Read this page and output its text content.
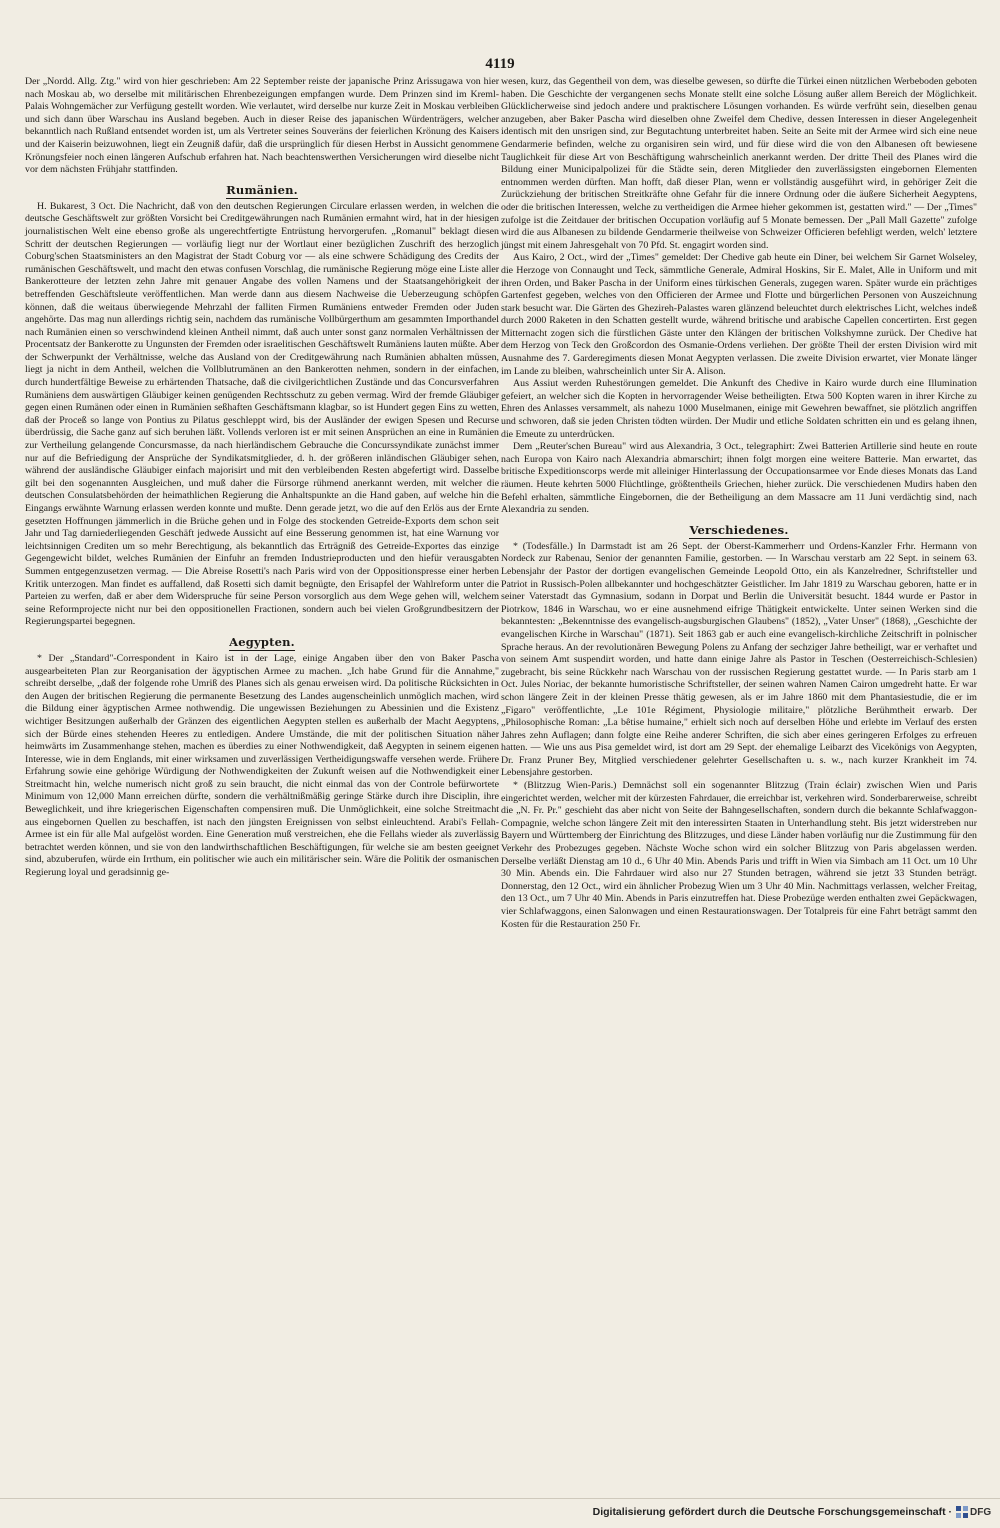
4119

Der „Nordd. Allg. Ztg." wird von hier geschrieben: Am 22 September reiste der japanische Prinz Arissugawa von hier nach Moskau ab, wo derselbe mit militärischen Ehrenbezeigungen empfangen wurde. Dem Prinzen sind im Kreml-Palais Wohngemächer zur Verfügung gestellt worden. Wie verlautet, wird derselbe nur kurze Zeit in Moskau verbleiben und sich dann über Warschau ins Ausland begeben. Auch in dieser Reise des japanischen Würdenträgers, welcher bekanntlich nach Rußland entsendet worden ist, um als Vertreter seines Souveräns der feierlichen Krönung des Kaisers und der Kaiserin beizuwohnen, liegt ein Zeugniß dafür, daß die ursprünglich für diesen Herbst in Aussicht genommene Krönungsfeier noch einen längeren Aufschub erfahren hat. Nach beachtenswerthen Versicherungen wird dieselbe nicht vor dem nächsten Frühjahr stattfinden.

Rumänien.

H. Bukarest, 3 Oct. Die Nachricht, daß von den deutschen Regierungen Circulare erlassen werden, in welchen die deutsche Geschäftswelt zur größten Vorsicht bei Creditgewährungen nach Rumänien ermahnt wird, hat in der hiesigen journalistischen Welt eine ebenso große als ungerechtfertigte Entrüstung hervorgerufen. „Romanul" beklagt diesen Schritt der deutschen Regierungen — vorläufig liegt nur der Wortlaut einer bezüglichen Zuschrift des herzoglich Coburg'schen Staatsministers an den Magistrat der Stadt Coburg vor — als eine schwere Schädigung des Credits der rumänischen Geschäftswelt, und macht den etwas confusen Vorschlag, die rumänische Regierung möge eine Liste aller Bankerotteure der letzten zehn Jahre mit genauer Angabe des vollen Namens und der Staatsangehörigkeit der betreffenden Geschäftsleute veröffentlichen. Man werde dann aus diesem Nachweise die Ueberzeugung schöpfen können, daß die weitaus überwiegende Mehrzahl der falliten Firmen Rumäniens entweder Fremden oder Juden angehörte. Das mag nun allerdings richtig sein, nachdem das rumänische Vollbürgerthum am gesammten Importhandel nach Rumänien einen so verschwindend kleinen Antheil nimmt, daß auch unter sonst ganz normalen Verhältnissen der Procentsatz der Bankerotte zu Ungunsten der Fremden oder israelitischen Geschäftswelt Rumäniens lauten müßte. Aber der Schwerpunkt der Verhältnisse, welche das Ausland von der Creditgewährung nach Rumänien abhalten müssen, liegt ja nicht in dem Antheil, welchen die Vollblutrumänen an den Bankerotten nehmen, sondern in der einfachen, durch hundertfältige Beweise zu erhärtenden Thatsache, daß die civilgerichtlichen Zustände und das Concursverfahren Rumäniens dem auswärtigen Gläubiger keinen genügenden Rechtsschutz zu geben vermag. Wird der fremde Gläubiger gegen einen Rumänen oder einen in Rumänien seßhaften Geschäftsmann klagbar, so ist Hundert gegen Eins zu wetten, daß der Proceß so lange von Pontius zu Pilatus geschleppt wird, bis der Ausländer der ewigen Spesen und Recurse überdrüssig, die Sache ganz auf sich beruhen läßt. Vollends verloren ist er mit seinen Ansprüchen an eine in Rumänien zur Vertheilung gelangende Concursmasse, da nach hierländischem Gebrauche die Concurssyndikate zunächst immer nur auf die Befriedigung der Ansprüche der Syndikatsmitglieder, d. h. der größeren inländischen Gläubiger sehen, während der ausländische Gläubiger einfach majorisirt und mit den verbleibenden Resten abgefertigt wird. Dasselbe gilt bei den sogenannten Ausgleichen, und muß daher die Fürsorge rühmend anerkannt werden, mit welcher die deutschen Consulatsbehörden der heimathlichen Regierung die Anhaltspunkte an die Hand gaben, auf welche hin die Eingangs erwähnte Warnung erlassen werden konnte und mußte. Denn gerade jetzt, wo die auf den Erlös aus der Ernte gesetzten Hoffnungen jämmerlich in die Brüche gehen und in Folge des stockenden Getreide-Exports dem schon seit Jahr und Tag darniederliegenden Geschäft jedwede Aussicht auf eine Besserung genommen ist, hat eine Warnung vor leichtsinnigen Crediten um so mehr Berechtigung, als bekanntlich das Erträgniß des Getreide-Exportes das einzige Gegengewicht bildet, welches Rumänien der Einfuhr an fremden Industrieproducten und den hiefür verausgabten Summen entgegenzusetzen vermag. — Die Abreise Rosetti's nach Paris wird von der Oppositionspresse einer herben Kritik unterzogen. Man findet es auffallend, daß Rosetti sich damit begnügte, den Erisapfel der Wahlreform unter die Parteien zu werfen, daß er aber dem Widerspruche für seine Person vorsorglich aus dem Wege gehen will, welchem seine Reformprojecte nicht nur bei den oppositionellen Fractionen, sondern auch bei vielen Großgrundbesitzern der Regierungspartei begegnen.

Aegypten.

* Der „Standard"-Correspondent in Kairo ist in der Lage, einige Angaben über den von Baker Pascha ausgearbeiteten Plan zur Reorganisation der ägyptischen Armee zu machen. „Ich habe Grund für die Annahme," schreibt derselbe, „daß der folgende rohe Umriß des Planes sich als genau erweisen wird. Da politische Rücksichten in den Augen der britischen Regierung die permanente Besetzung des Landes augenscheinlich unmöglich machen, wird die Bildung einer ägyptischen Armee nothwendig. Die ungewissen Beziehungen zu Abessinien und die Existenz wichtiger Besitzungen außerhalb der Gränzen des eigentlichen Aegypten stellen es außerhalb der Macht Aegyptens, sich der Bürde eines stehenden Heeres zu entledigen. Andere Umstände, die mit der politischen Situation näher heimwärts im Zusammenhange stehen, machen es überdies zu einer Nothwendigkeit, daß Aegypten in seinem eigenen Interesse, wie in dem Englands, mit einer wirksamen und zuverlässigen Vertheidigungswaffe versehen werde. Frühere Erfahrung sowie eine gehörige Würdigung der Nothwendigkeiten der Zukunft weisen auf die Nothwendigkeit einer Streitmacht hin, welche numerisch nicht groß zu sein braucht, die nicht einmal das von der Controle befürwortete Minimum von 12,000 Mann erreichen dürfte, sondern die verhältnißmäßig geringe Stärke durch ihre Disciplin, ihre Beweglichkeit, und ihre kriegerischen Eigenschaften compensiren muß. Die Unmöglichkeit, eine solche Streitmacht aus eingebornen Quellen zu beschaffen, ist nach den jüngsten Ereignissen von selbst einleuchtend. Arabi's Fellah-Armee ist ein für alle Mal aufgelöst worden. Eine Generation muß verstreichen, ehe die Fellahs wieder als zuverlässig betrachtet werden können, und sie von den landwirthschaftlichen Beschäftigungen, für welche sie am besten geeignet sind, abzuberufen, würde ein Irrthum, ein politischer wie auch ein militärischer sein. Wäre die Politik der osmanischen Regierung loyal und geradsinnig ge-

wesen, kurz, das Gegentheil von dem, was dieselbe gewesen, so dürfte die Türkei einen nützlichen Werbeboden geboten haben. Die Geschichte der vergangenen sechs Monate stellt eine solche Lösung außer allem Bereich der Möglichkeit. Glücklicherweise sind jedoch andere und praktischere Lösungen vorhanden. Es würde verfrüht sein, dieselben genau anzugeben, aber Baker Pascha wird dieselben ohne Zweifel dem Chedive, dessen Interessen in dieser Angelegenheit identisch mit den unsrigen sind, zur Begutachtung unterbreitet haben. Seite an Seite mit der Armee wird sich eine neue Gendarmerie befinden, welche zu organisiren sein wird, und für diese wird die von den Albanesen oft bewiesene Tauglichkeit für diese Art von Beschäftigung wahrscheinlich anerkannt werden. Der dritte Theil des Planes wird die Bildung einer Municipalpolizei für die Städte sein, deren Mitglieder den zuverlässigsten eingebornen Elementen entnommen werden dürften. Man hofft, daß dieser Plan, wenn er vollständig ausgeführt wird, in gehöriger Zeit die Zurückziehung der britischen Streitkräfte ohne Gefahr für die innere Ordnung oder die äußere Sicherheit Aegyptens, oder die britischen Interessen, welche zu vertheidigen die Armee hieher gekommen ist, gestatten wird." — Der „Times" zufolge ist die Zeitdauer der britischen Occupation vorläufig auf 5 Monate bemessen. Der „Pall Mall Gazette" zufolge wird die aus Albanesen zu bildende Gendarmerie theilweise von Schweizer Officieren befehligt werden, welch' letztere jüngst mit einem Jahresgehalt von 70 Pfd. St. engagirt worden sind.

Aus Kairo, 2 Oct., wird der „Times" gemeldet: Der Chedive gab heute ein Diner, bei welchem Sir Garnet Wolseley, die Herzoge von Connaught und Teck, sämmtliche Generale, Admiral Hoskins, Sir E. Malet, Alle in Uniform und mit ihren Orden, und Baker Pascha in der Uniform eines türkischen Generals, zugegen waren. Später wurde ein prächtiges Gartenfest gegeben, welches von den Officieren der Armee und Flotte und bürgerlichen Personen von Auszeichnung stark besucht war. Die Gärten des Ghezireh-Palastes waren glänzend beleuchtet durch elektrisches Licht, welches indeß durch 2000 Raketen in den Schatten gestellt wurde, während britische und arabische Capellen concertirten. Erst gegen Mitternacht zogen sich die fürstlichen Gäste unter den Klängen der britischen Volkshymne zurück. Der Chedive hat dem Herzog von Teck den Großcordon des Osmanie-Ordens verliehen. Der größte Theil der ersten Division wird mit Ausnahme des 7. Garderegiments diesen Monat Aegypten verlassen. Die zweite Division erwartet, vier Monate länger im Lande zu bleiben, wahrscheinlich unter Sir A. Alison.

Aus Assiut werden Ruhestörungen gemeldet. Die Ankunft des Chedive in Kairo wurde durch eine Illumination gefeiert, an welcher sich die Kopten in hervorragender Weise betheiligten. Etwa 500 Kopten waren in ihrer Kirche zu Ehren des Anlasses versammelt, als nahezu 1000 Muselmanen, einige mit Gewehren bewaffnet, sie plötzlich angriffen und schworen, daß sie jeden Christen tödten würden. Der Mudir und etliche Soldaten schritten ein und es gelang ihnen, die Emeute zu unterdrücken.

Dem „Reuter'schen Bureau" wird aus Alexandria, 3 Oct., telegraphirt: Zwei Batterien Artillerie sind heute en route nach Europa von Kairo nach Alexandria abmarschirt; ihnen folgt morgen eine weitere Batterie. Man erwartet, das britische Expeditionscorps werde mit alleiniger Hinterlassung der Occupationsarmee vor Ende dieses Monats das Land räumen. Heute kehrten 5000 Flüchtlinge, größtentheils Griechen, hieher zurück. Die verschiedenen Mudirs haben den Befehl erhalten, sämmtliche Eingebornen, die der Betheiligung an dem Massacre am 11 Juni verdächtig sind, nach Alexandria zu senden.

Verschiedenes.

* (Todesfälle.) In Darmstadt ist am 26 Sept. der Oberst-Kammerherr und Ordens-Kanzler Frhr. Hermann von Nordeck zur Rabenau, Senior der genannten Familie, gestorben. — In Warschau verstarb am 22 Sept. in seinem 63. Lebensjahr der Pastor der dortigen evangelischen Gemeinde Leopold Otto, ein als Kanzelredner, Schriftsteller und Patriot in Russisch-Polen allbekannter und hochgeschätzter Geistlicher. Im Jahr 1819 zu Warschau geboren, hatte er in seiner Vaterstadt das Gymnasium, sodann in Dorpat und Berlin die Universität besucht. 1844 wurde er Pastor in Piotrkow, 1846 in Warschau, wo er eine ausnehmend eifrige Thätigkeit entwickelte. Unter seinen Werken sind die bekanntesten: „Bekenntnisse des evangelisch-augsburgischen Glaubens" (1852), „Vater Unser" (1868), „Geschichte der evangelischen Kirche in Warschau" (1871). Seit 1863 gab er auch eine evangelisch-kirchliche Zeitschrift in polnischer Sprache heraus. An der revolutionären Bewegung Polens zu Anfang der sechziger Jahre betheiligt, war er verhaftet und von seinem Amt suspendirt worden, und hatte dann einige Jahre als Pastor in Teschen (Oesterreichisch-Schlesien) zugebracht, bis seine Rückkehr nach Warschau von der russischen Regierung gestattet wurde. — In Paris starb am 1 Oct. Jules Noriac, der bekannte humoristische Schriftsteller, der seinen wahren Namen Cairon umgedreht hatte. Er war schon längere Zeit in der kleinen Presse thätig gewesen, als er im Jahre 1860 mit dem Phantasiestudie, die er im „Figaro" veröffentlichte, „Le 101e Régiment, Physiologie militaire," plötzliche Berühmtheit erwarb. Der „Philosophische Roman: „La bêtise humaine," erhielt sich noch auf derselben Höhe und erlebte im Verlauf des ersten Jahres zehn Auflagen; dann folgte eine Reihe anderer Schriften, die sich aber eines geringeren Erfolges zu erfreuen hatten. — Wie uns aus Pisa gemeldet wird, ist dort am 29 Sept. der ehemalige Leibarzt des Vicekönigs von Aegypten, Dr. Franz Pruner Bey, Mitglied verschiedener gelehrter Gesellschaften u. s. w., nach kurzer Krankheit im 74. Lebensjahre gestorben.

* (Blitzzug Wien-Paris.) Demnächst soll ein sogenannter Blitzzug (Train éclair) zwischen Wien und Paris eingerichtet werden, welcher mit der kürzesten Fahrdauer, die erreichbar ist, verkehren wird. Sonderbarerweise, schreibt die „N. Fr. Pr." geschieht das aber nicht von Seite der Bahngesellschaften, sondern durch die bekannte Schlafwaggon-Compagnie, welche schon längere Zeit mit den interessirten Staaten in Unterhandlung steht. Bis jetzt widerstreben nur Bayern und Württemberg der Einrichtung des Blitzzuges, und diese Länder haben vorläufig nur die Zustimmung für den Verkehr des Probezuges gegeben. Nächste Woche schon wird ein solcher Blitzzug von Paris abgelassen werden. Derselbe verläßt Dienstag am 10 d., 6 Uhr 40 Min. Abends Paris und trifft in Wien via Simbach am 11 Oct. um 10 Uhr 30 Min. Abends ein. Die Fahrdauer wird also nur 27 Stunden betragen, während sie jetzt 33 Stunden beträgt. Donnerstag, den 12 Oct., wird ein ähnlicher Probezug Wien um 3 Uhr 40 Min. Nachmittags verlassen, welcher Freitag, den 13 Oct., um 7 Uhr 40 Min. Abends in Paris einzutreffen hat. Diese Probezüge werden enthalten zwei Gepäckwagen, vier Schlafwaggons, einen Salonwagen und einen Restaurationswagen. Der Totalpreis für eine Fahrt beträgt sammt den Kosten für die Restauration 250 Fr.

Digitalisierung gefördert durch die Deutsche Forschungsgemeinschaft · DFG
